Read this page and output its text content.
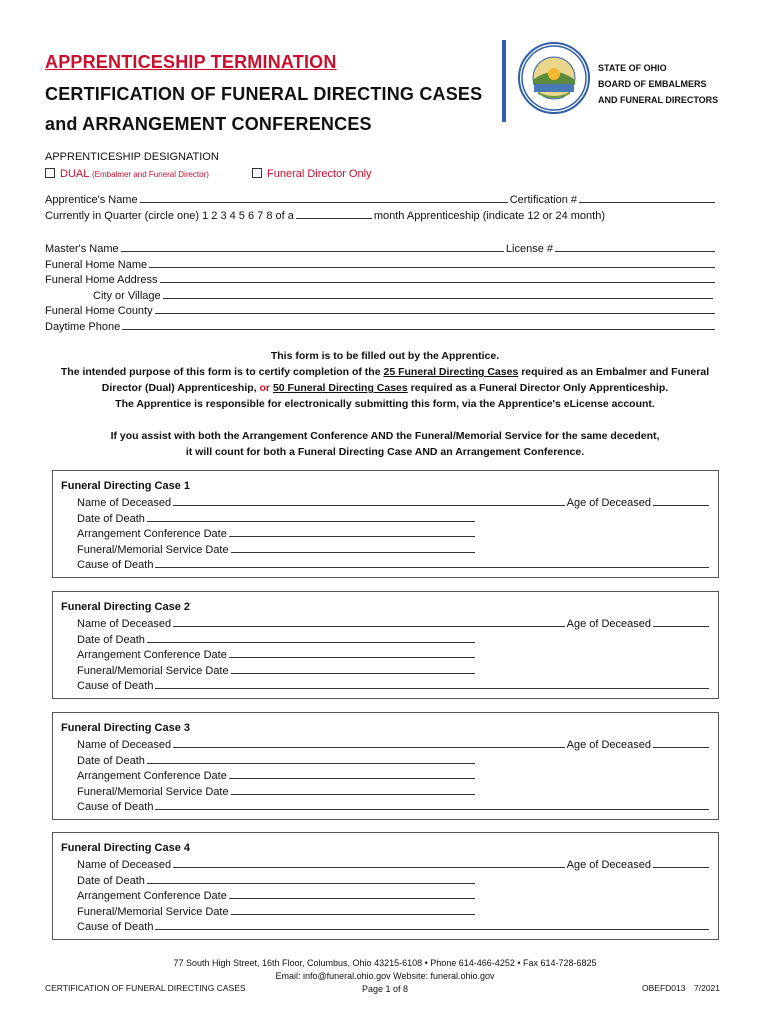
APPRENTICESHIP TERMINATION
CERTIFICATION OF FUNERAL DIRECTING CASES
and ARRANGEMENT CONFERENCES
STATE OF OHIO
BOARD OF EMBALMERS
AND FUNERAL DIRECTORS
APPRENTICESHIP DESIGNATION
DUAL (Embalmer and Funeral Director)	Funeral Director Only
Apprentice's Name	Certification #
Currently in Quarter (circle one) 1 2 3 4 5 6 7 8 of a	month Apprenticeship (indicate 12 or 24 month)
Master's Name	License #
Funeral Home Name
Funeral Home Address
City or Village
Funeral Home County
Daytime Phone
This form is to be filled out by the Apprentice.
The intended purpose of this form is to certify completion of the 25 Funeral Directing Cases required as an Embalmer and Funeral
Director (Dual) Apprenticeship, or 50 Funeral Directing Cases required as a Funeral Director Only Apprenticeship.
The Apprentice is responsible for electronically submitting this form, via the Apprentice's eLicense account.
If you assist with both the Arrangement Conference AND the Funeral/Memorial Service for the same decedent,
it will count for both a Funeral Directing Case AND an Arrangement Conference.
Funeral Directing Case 1
Name of Deceased	Age of Deceased
Date of Death
Arrangement Conference Date
Funeral/Memorial Service Date
Cause of Death
Funeral Directing Case 2
Name of Deceased	Age of Deceased
Date of Death
Arrangement Conference Date
Funeral/Memorial Service Date
Cause of Death
Funeral Directing Case 3
Name of Deceased	Age of Deceased
Date of Death
Arrangement Conference Date
Funeral/Memorial Service Date
Cause of Death
Funeral Directing Case 4
Name of Deceased	Age of Deceased
Date of Death
Arrangement Conference Date
Funeral/Memorial Service Date
Cause of Death
77 South High Street, 16th Floor, Columbus, Ohio 43215-6108 • Phone 614-466-4252 • Fax 614-728-6825
Email: info@funeral.ohio.gov Website: funeral.ohio.gov
Page 1 of 8
CERTIFICATION OF FUNERAL DIRECTING CASES	OBEFD013 7/2021
